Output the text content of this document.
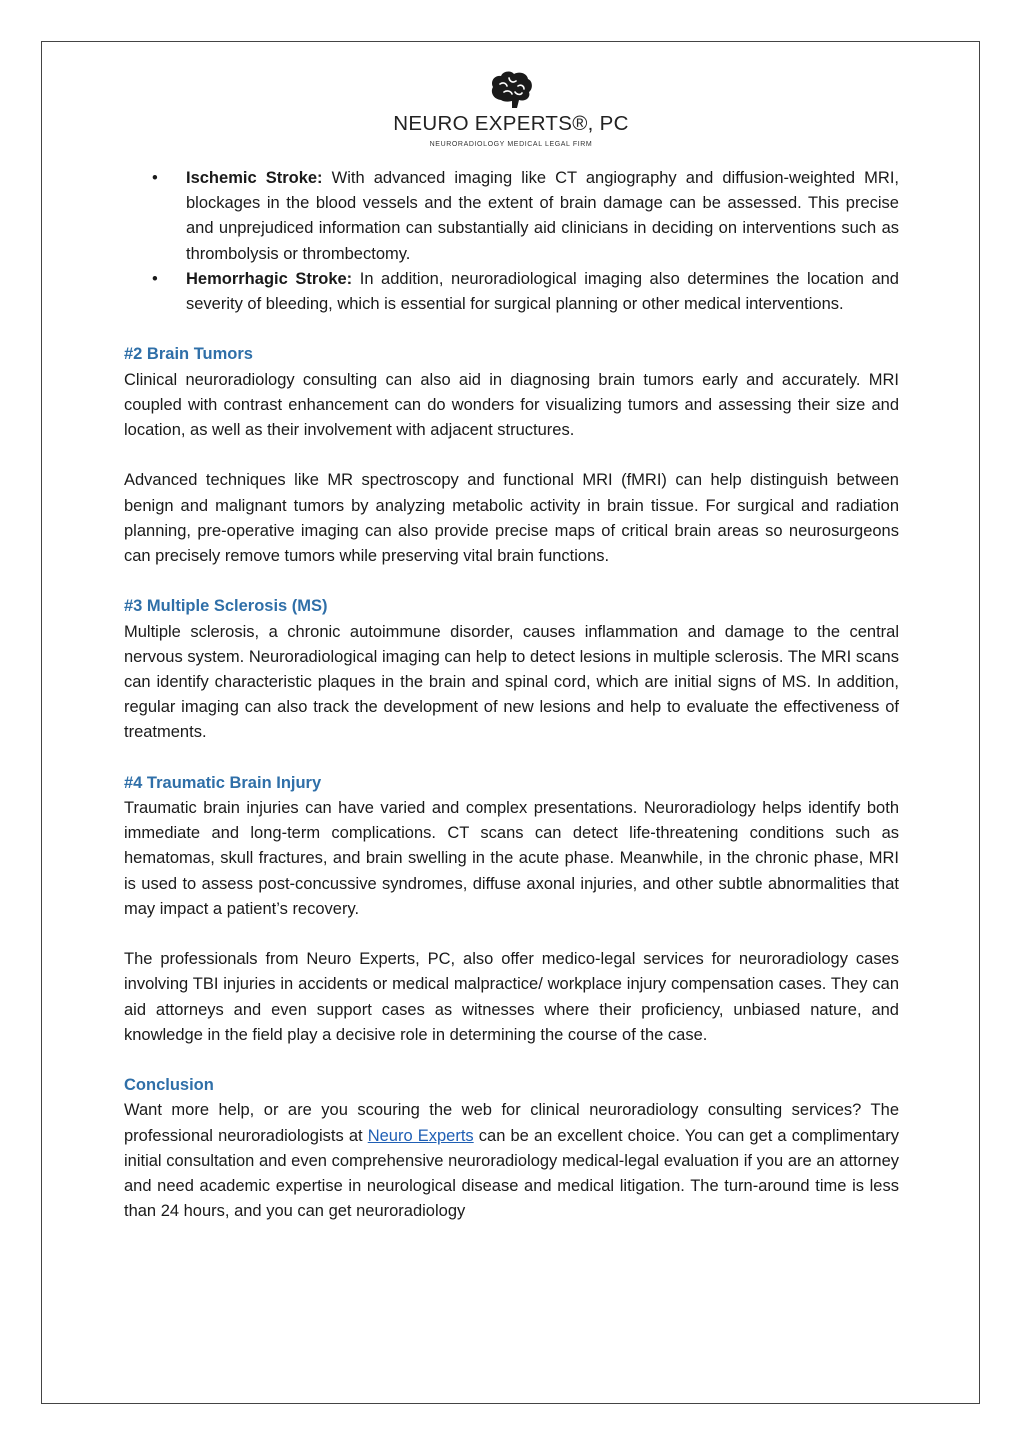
NEURO EXPERTS®, PC
NEURORADIOLOGY MEDICAL LEGAL FIRM
• Ischemic Stroke: With advanced imaging like CT angiography and diffusion-weighted MRI, blockages in the blood vessels and the extent of brain damage can be assessed. This precise and unprejudiced information can substantially aid clinicians in deciding on interventions such as thrombolysis or thrombectomy.
• Hemorrhagic Stroke: In addition, neuroradiological imaging also determines the location and severity of bleeding, which is essential for surgical planning or other medical interventions.
#2 Brain Tumors

Clinical neuroradiology consulting can also aid in diagnosing brain tumors early and accurately. MRI coupled with contrast enhancement can do wonders for visualizing tumors and assessing their size and location, as well as their involvement with adjacent structures.

Advanced techniques like MR spectroscopy and functional MRI (fMRI) can help distinguish between benign and malignant tumors by analyzing metabolic activity in brain tissue. For surgical and radiation planning, pre-operative imaging can also provide precise maps of critical brain areas so neurosurgeons can precisely remove tumors while preserving vital brain functions.

#3 Multiple Sclerosis (MS)

Multiple sclerosis, a chronic autoimmune disorder, causes inflammation and damage to the central nervous system. Neuroradiological imaging can help to detect lesions in multiple sclerosis. The MRI scans can identify characteristic plaques in the brain and spinal cord, which are initial signs of MS. In addition, regular imaging can also track the development of new lesions and help to evaluate the effectiveness of treatments.

#4 Traumatic Brain Injury

Traumatic brain injuries can have varied and complex presentations. Neuroradiology helps identify both immediate and long-term complications. CT scans can detect life-threatening conditions such as hematomas, skull fractures, and brain swelling in the acute phase. Meanwhile, in the chronic phase, MRI is used to assess post-concussive syndromes, diffuse axonal injuries, and other subtle abnormalities that may impact a patient’s recovery.

The professionals from Neuro Experts, PC, also offer medico-legal services for neuroradiology cases involving TBI injuries in accidents or medical malpractice/ workplace injury compensation cases. They can aid attorneys and even support cases as witnesses where their proficiency, unbiased nature, and knowledge in the field play a decisive role in determining the course of the case.

Conclusion

Want more help, or are you scouring the web for clinical neuroradiology consulting services? The professional neuroradiologists at Neuro Experts can be an excellent choice. You can get a complimentary initial consultation and even comprehensive neuroradiology medical-legal evaluation if you are an attorney and need academic expertise in neurological disease and medical litigation. The turn-around time is less than 24 hours, and you can get neuroradiology
